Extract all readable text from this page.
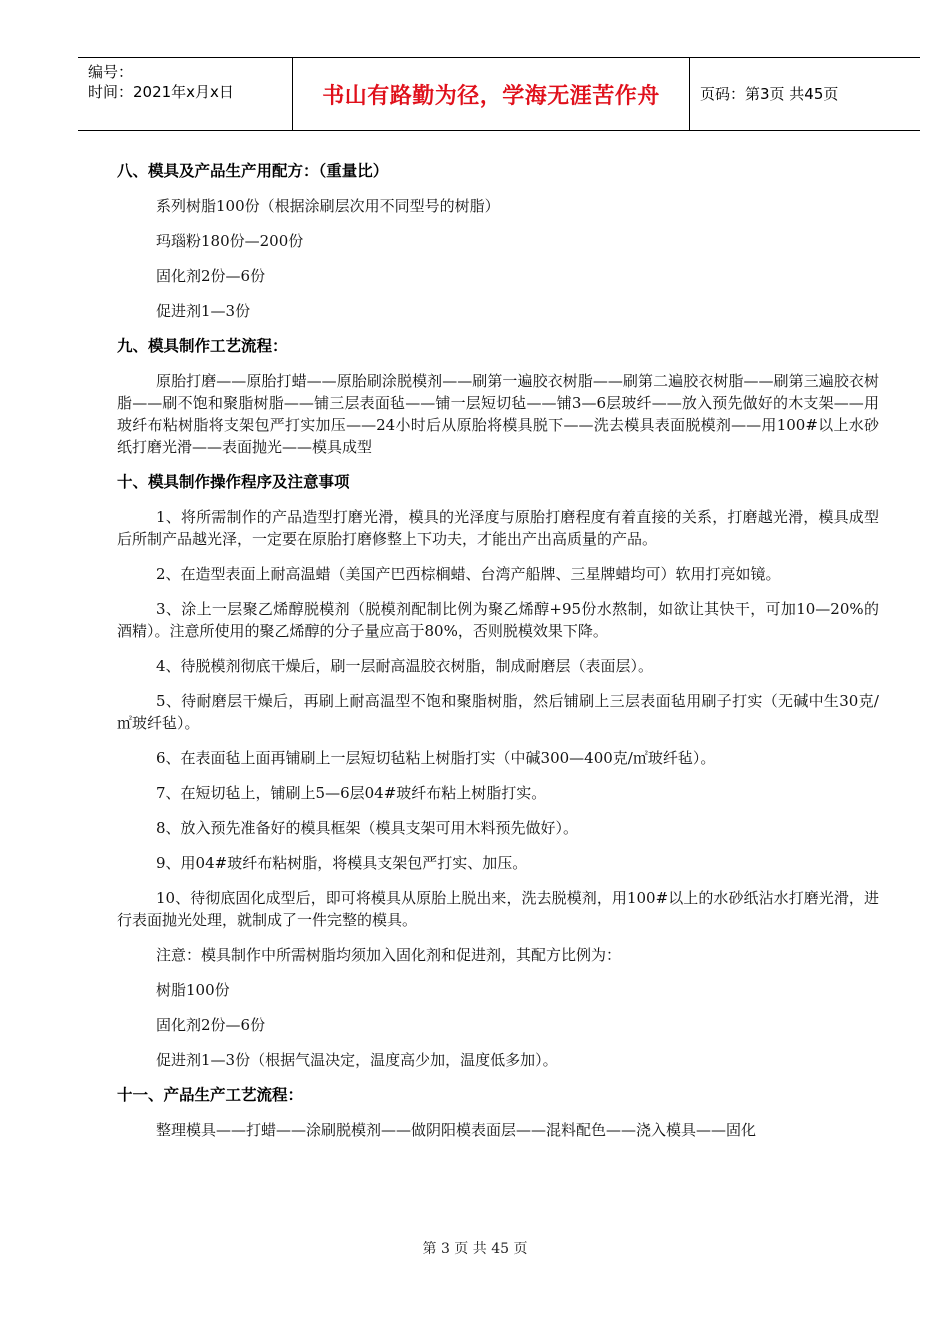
编号：
时间：2021年x月x日	书山有路勤为径，学海无涯苦作舟	页码：第3页 共45页
八、模具及产品生产用配方：（重量比）
系列树脂100份（根据涂刷层次用不同型号的树脂）
玛瑙粉180份—200份
固化剂2份—6份
促进剂1—3份
九、模具制作工艺流程：
原胎打磨——原胎打蜡——原胎刷涂脱模剂——刷第一遍胶衣树脂——刷第二遍胶衣树脂——刷第三遍胶衣树脂——刷不饱和聚脂树脂——铺三层表面毡——铺一层短切毡——铺3—6层玻纤——放入预先做好的木支架——用玻纤布粘树脂将支架包严打实加压——24小时后从原胎将模具脱下——洗去模具表面脱模剂——用100#以上水砂纸打磨光滑——表面抛光——模具成型
十、模具制作操作程序及注意事项
1、将所需制作的产品造型打磨光滑，模具的光泽度与原胎打磨程度有着直接的关系，打磨越光滑，模具成型后所制产品越光泽，一定要在原胎打磨修整上下功夫，才能出产出高质量的产品。
2、在造型表面上耐高温蜡（美国产巴西棕榈蜡、台湾产船牌、三星牌蜡均可）软用打亮如镜。
3、涂上一层聚乙烯醇脱模剂（脱模剂配制比例为聚乙烯醇+95份水熬制，如欲让其快干，可加10—20%的酒精）。注意所使用的聚乙烯醇的分子量应高于80%，否则脱模效果下降。
4、待脱模剂彻底干燥后，刷一层耐高温胶衣树脂，制成耐磨层（表面层）。
5、待耐磨层干燥后，再刷上耐高温型不饱和聚脂树脂，然后铺刷上三层表面毡用刷子打实（无碱中生30克/㎡玻纤毡）。
6、在表面毡上面再铺刷上一层短切毡粘上树脂打实（中碱300—400克/㎡玻纤毡）。
7、在短切毡上，铺刷上5—6层04#玻纤布粘上树脂打实。
8、放入预先准备好的模具框架（模具支架可用木料预先做好）。
9、用04#玻纤布粘树脂，将模具支架包严打实、加压。
10、待彻底固化成型后，即可将模具从原胎上脱出来，洗去脱模剂，用100#以上的水砂纸沾水打磨光滑，进行表面抛光处理，就制成了一件完整的模具。
注意：模具制作中所需树脂均须加入固化剂和促进剂，其配方比例为：
树脂100份
固化剂2份—6份
促进剂1—3份（根据气温决定，温度高少加，温度低多加）。
十一、产品生产工艺流程：
整理模具——打蜡——涂刷脱模剂——做阴阳模表面层——混料配色——浇入模具——固化
第 3 页 共 45 页
